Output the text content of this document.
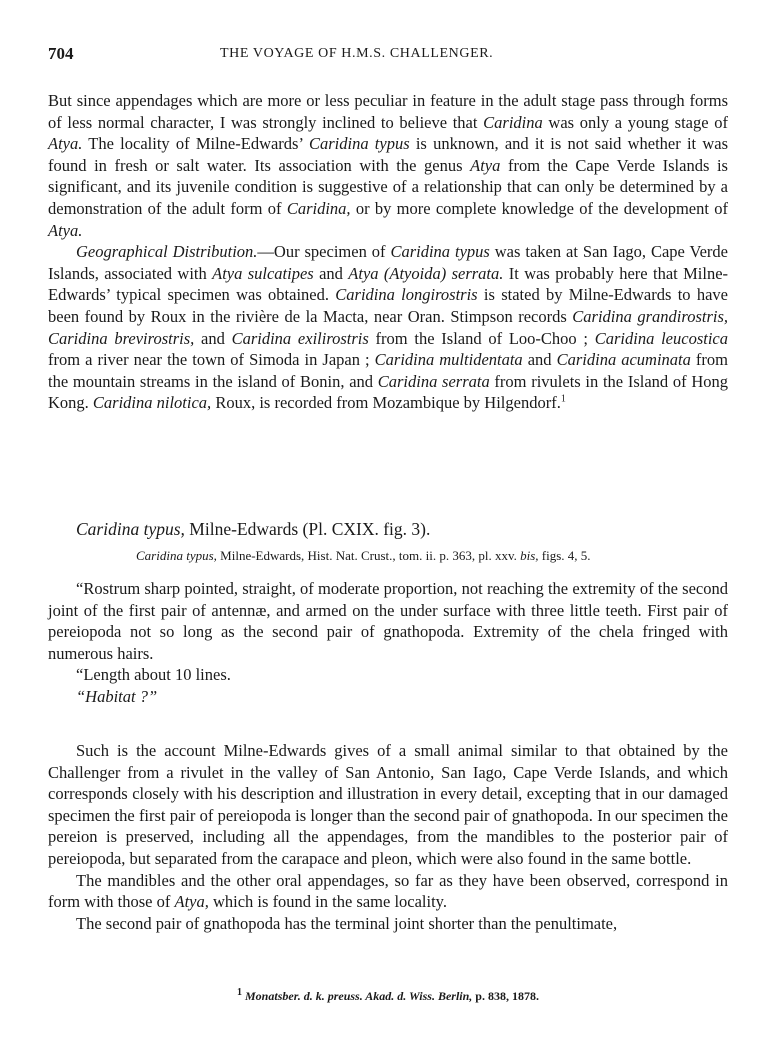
704	THE VOYAGE OF H.M.S. CHALLENGER.

But since appendages which are more or less peculiar in feature in the adult stage pass through forms of less normal character, I was strongly inclined to believe that Caridina was only a young stage of Atya. The locality of Milne-Edwards’ Caridina typus is unknown, and it is not said whether it was found in fresh or salt water. Its association with the genus Atya from the Cape Verde Islands is significant, and its juvenile condition is suggestive of a relationship that can only be determined by a demonstration of the adult form of Caridina, or by more complete knowledge of the development of Atya.

Geographical Distribution.—Our specimen of Caridina typus was taken at San Iago, Cape Verde Islands, associated with Atya sulcatipes and Atya (Atyoida) serrata. It was probably here that Milne-Edwards’ typical specimen was obtained. Caridina longirostris is stated by Milne-Edwards to have been found by Roux in the rivière de la Macta, near Oran. Stimpson records Caridina grandirostris, Caridina brevirostris, and Caridina exilirostris from the Island of Loo-Choo ; Caridina leucostica from a river near the town of Simoda in Japan ; Caridina multidentata and Caridina acuminata from the mountain streams in the island of Bonin, and Caridina serrata from rivulets in the Island of Hong Kong. Caridina nilotica, Roux, is recorded from Mozambique by Hilgendorf.$^1$

Caridina typus, Milne-Edwards (Pl. CXIX. fig. 3).

Caridina typus, Milne-Edwards, Hist. Nat. Crust., tom. ii. p. 363, pl. xxv. bis, figs. 4, 5.

“Rostrum sharp pointed, straight, of moderate proportion, not reaching the extremity of the second joint of the first pair of antennæ, and armed on the under surface with three little teeth. First pair of pereiopoda not so long as the second pair of gnathopoda. Extremity of the chela fringed with numerous hairs.

“Length about 10 lines.

“Habitat ?”

Such is the account Milne-Edwards gives of a small animal similar to that obtained by the Challenger from a rivulet in the valley of San Antonio, San Iago, Cape Verde Islands, and which corresponds closely with his description and illustration in every detail, excepting that in our damaged specimen the first pair of pereiopoda is longer than the second pair of gnathopoda. In our specimen the pereion is preserved, including all the appendages, from the mandibles to the posterior pair of pereiopoda, but separated from the carapace and pleon, which were also found in the same bottle.

The mandibles and the other oral appendages, so far as they have been observed, correspond in form with those of Atya, which is found in the same locality.

The second pair of gnathopoda has the terminal joint shorter than the penultimate,

$^1$ Monatsber. d. k. preuss. Akad. d. Wiss. Berlin, p. 838, 1878.
